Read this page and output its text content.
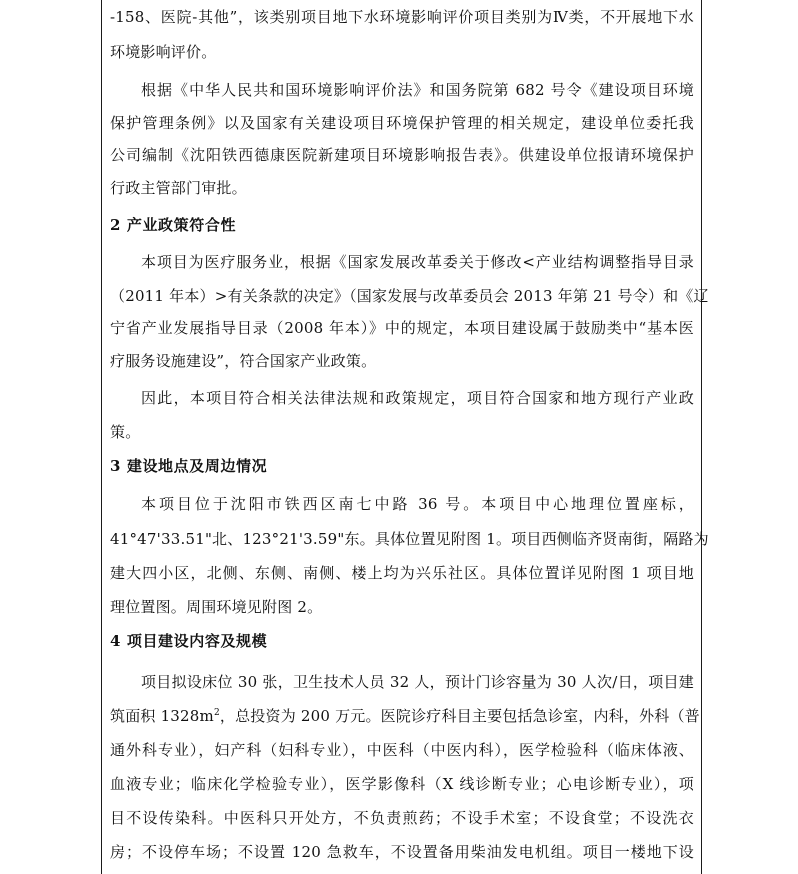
-158、医院-其他”，该类别项目地下水环境影响评价项目类别为Ⅳ类，不开展地下水
环境影响评价。
根据《中华人民共和国环境影响评价法》和国务院第 682 号令《建设项目环境
保护管理条例》以及国家有关建设项目环境保护管理的相关规定，建设单位委托我
公司编制《沈阳铁西德康医院新建项目环境影响报告表》。供建设单位报请环境保护
行政主管部门审批。
2 产业政策符合性
本项目为医疗服务业，根据《国家发展改革委关于修改<产业结构调整指导目录
（2011 年本）>有关条款的决定》（国家发展与改革委员会 2013 年第 21 号令）和《辽
宁省产业发展指导目录（2008 年本）》中的规定，本项目建设属于鼓励类中“基本医
疗服务设施建设”，符合国家产业政策。
因此，本项目符合相关法律法规和政策规定，项目符合国家和地方现行产业政
策。
3 建设地点及周边情况
本项目位于沈阳市铁西区南七中路 36 号。本项目中心地理位置座标，
41°47'33.51"北、123°21'3.59"东。具体位置见附图 1。项目西侧临齐贤南街，隔路为
建大四小区，北侧、东侧、南侧、楼上均为兴乐社区。具体位置详见附图 1 项目地
理位置图。周围环境见附图 2。
4 项目建设内容及规模
项目拟设床位 30 张，卫生技术人员 32 人，预计门诊容量为 30 人次/日，项目建
筑面积 $1328m^2$，总投资为 200 万元。医院诊疗科目主要包括急诊室，内科，外科（普
通外科专业），妇产科（妇科专业），中医科（中医内科），医学检验科（临床体液、
血液专业；临床化学检验专业），医学影像科（X 线诊断专业；心电诊断专业），项
目不设传染科。中医科只开处方，不负责煎药；不设手术室；不设食堂；不设洗衣
房；不设停车场；不设置 120 急救车，不设置备用柴油发电机组。项目一楼地下设
